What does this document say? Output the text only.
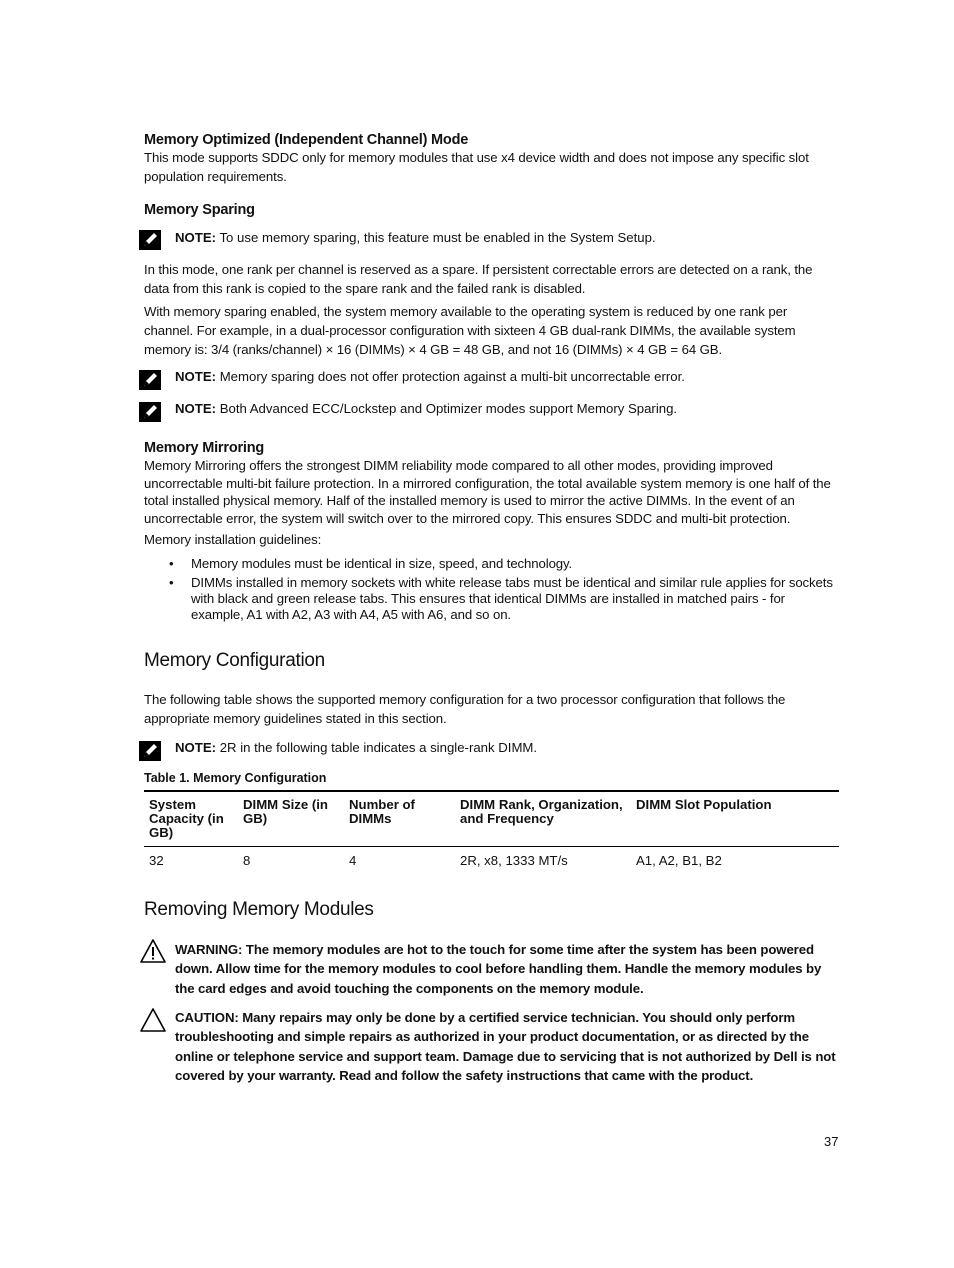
Memory Optimized (Independent Channel) Mode
This mode supports SDDC only for memory modules that use x4 device width and does not impose any specific slot population requirements.
Memory Sparing
NOTE: To use memory sparing, this feature must be enabled in the System Setup.
In this mode, one rank per channel is reserved as a spare. If persistent correctable errors are detected on a rank, the data from this rank is copied to the spare rank and the failed rank is disabled.
With memory sparing enabled, the system memory available to the operating system is reduced by one rank per channel. For example, in a dual-processor configuration with sixteen 4 GB dual-rank DIMMs, the available system memory is: 3/4 (ranks/channel) × 16 (DIMMs) × 4 GB = 48 GB, and not 16 (DIMMs) × 4 GB = 64 GB.
NOTE: Memory sparing does not offer protection against a multi-bit uncorrectable error.
NOTE: Both Advanced ECC/Lockstep and Optimizer modes support Memory Sparing.
Memory Mirroring
Memory Mirroring offers the strongest DIMM reliability mode compared to all other modes, providing improved uncorrectable multi-bit failure protection. In a mirrored configuration, the total available system memory is one half of the total installed physical memory. Half of the installed memory is used to mirror the active DIMMs. In the event of an uncorrectable error, the system will switch over to the mirrored copy. This ensures SDDC and multi-bit protection.
Memory installation guidelines:
• Memory modules must be identical in size, speed, and technology.
• DIMMs installed in memory sockets with white release tabs must be identical and similar rule applies for sockets with black and green release tabs. This ensures that identical DIMMs are installed in matched pairs - for example, A1 with A2, A3 with A4, A5 with A6, and so on.
Memory Configuration
The following table shows the supported memory configuration for a two processor configuration that follows the appropriate memory guidelines stated in this section.
NOTE: 2R in the following table indicates a single-rank DIMM.
Table 1. Memory Configuration
System Capacity (in GB)	DIMM Size (in GB)	Number of DIMMs	DIMM Rank, Organization, and Frequency	DIMM Slot Population
32	8	4	2R, x8, 1333 MT/s	A1, A2, B1, B2
Removing Memory Modules
WARNING: The memory modules are hot to the touch for some time after the system has been powered down. Allow time for the memory modules to cool before handling them. Handle the memory modules by the card edges and avoid touching the components on the memory module.
CAUTION: Many repairs may only be done by a certified service technician. You should only perform troubleshooting and simple repairs as authorized in your product documentation, or as directed by the online or telephone service and support team. Damage due to servicing that is not authorized by Dell is not covered by your warranty. Read and follow the safety instructions that came with the product.
37
